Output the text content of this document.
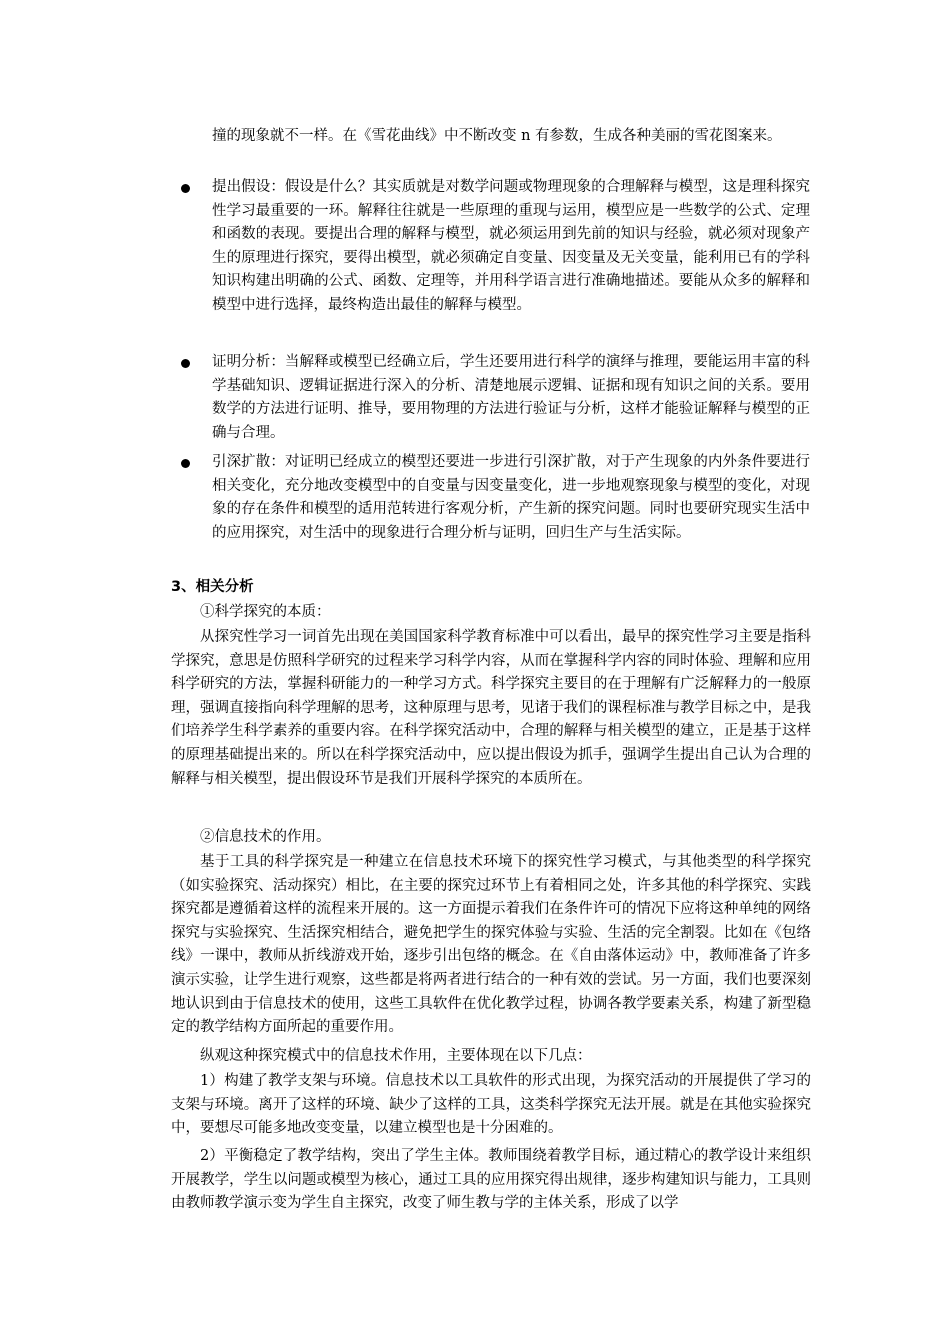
撞的现象就不一样。在《雪花曲线》中不断改变 n 有参数，生成各种美丽的雪花图案来。
提出假设：假设是什么？其实质就是对数学问题或物理现象的合理解释与模型，这是理科探究性学习最重要的一环。解释往往就是一些原理的重现与运用，模型应是一些数学的公式、定理和函数的表现。要提出合理的解释与模型，就必须运用到先前的知识与经验，就必须对现象产生的原理进行探究，要得出模型，就必须确定自变量、因变量及无关变量，能利用已有的学科知识构建出明确的公式、函数、定理等，并用科学语言进行准确地描述。要能从众多的解释和模型中进行选择，最终构造出最佳的解释与模型。
证明分析：当解释或模型已经确立后，学生还要用进行科学的演绎与推理，要能运用丰富的科学基础知识、逻辑证据进行深入的分析、清楚地展示逻辑、证据和现有知识之间的关系。要用数学的方法进行证明、推导，要用物理的方法进行验证与分析，这样才能验证解释与模型的正确与合理。
引深扩散：对证明已经成立的模型还要进一步进行引深扩散，对于产生现象的内外条件要进行相关变化，充分地改变模型中的自变量与因变量变化，进一步地观察现象与模型的变化，对现象的存在条件和模型的适用范转进行客观分析，产生新的探究问题。同时也要研究现实生活中的应用探究，对生活中的现象进行合理分析与证明，回归生产与生活实际。
3、相关分析
①科学探究的本质：
从探究性学习一词首先出现在美国国家科学教育标准中可以看出，最早的探究性学习主要是指科学探究，意思是仿照科学研究的过程来学习科学内容，从而在掌握科学内容的同时体验、理解和应用科学研究的方法，掌握科研能力的一种学习方式。科学探究主要目的在于理解有广泛解释力的一般原理，强调直接指向科学理解的思考，这种原理与思考，见诸于我们的课程标准与教学目标之中，是我们培养学生科学素养的重要内容。在科学探究活动中，合理的解释与相关模型的建立，正是基于这样的原理基础提出来的。所以在科学探究活动中，应以提出假设为抓手，强调学生提出自己认为合理的解释与相关模型，提出假设环节是我们开展科学探究的本质所在。
②信息技术的作用。
基于工具的科学探究是一种建立在信息技术环境下的探究性学习模式，与其他类型的科学探究（如实验探究、活动探究）相比，在主要的探究过环节上有着相同之处，许多其他的科学探究、实践探究都是遵循着这样的流程来开展的。这一方面提示着我们在条件许可的情况下应将这种单纯的网络探究与实验探究、生活探究相结合，避免把学生的探究体验与实验、生活的完全割裂。比如在《包络线》一课中，教师从折线游戏开始，逐步引出包络的概念。在《自由落体运动》中，教师准备了许多演示实验，让学生进行观察，这些都是将两者进行结合的一种有效的尝试。另一方面，我们也要深刻地认识到由于信息技术的使用，这些工具软件在优化教学过程，协调各教学要素关系，构建了新型稳定的教学结构方面所起的重要作用。
纵观这种探究模式中的信息技术作用，主要体现在以下几点：
1）构建了教学支架与环境。信息技术以工具软件的形式出现，为探究活动的开展提供了学习的支架与环境。离开了这样的环境、缺少了这样的工具，这类科学探究无法开展。就是在其他实验探究中，要想尽可能多地改变变量，以建立模型也是十分困难的。
2）平衡稳定了教学结构，突出了学生主体。教师围绕着教学目标，通过精心的教学设计来组织开展教学，学生以问题或模型为核心，通过工具的应用探究得出规律，逐步构建知识与能力，工具则由教师教学演示变为学生自主探究，改变了师生教与学的主体关系，形成了以学
